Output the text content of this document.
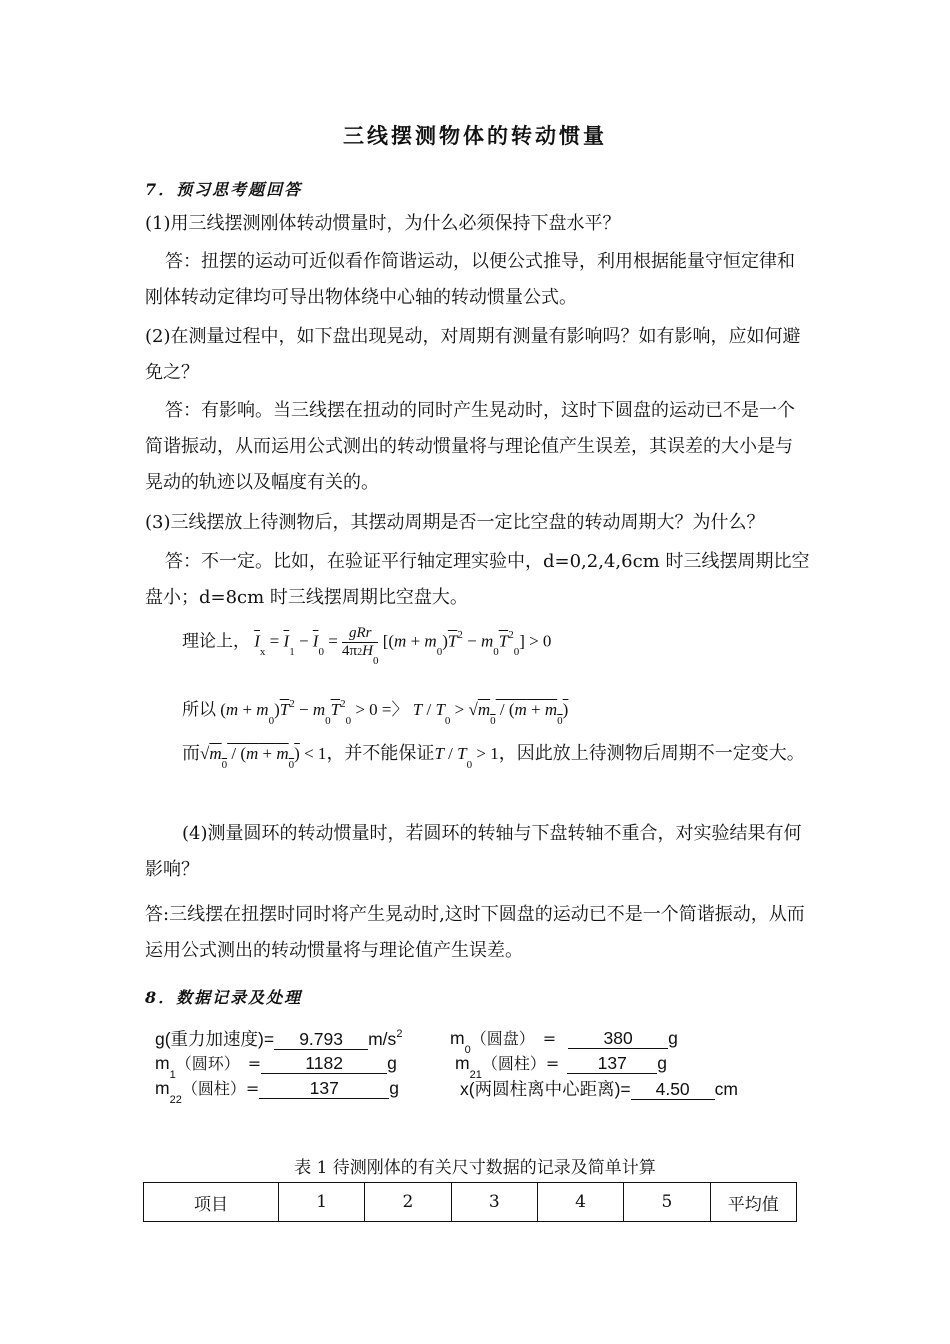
三线摆测物体的转动惯量
7．预习思考题回答
(1)用三线摆测刚体转动惯量时，为什么必须保持下盘水平？
答：扭摆的运动可近似看作简谐运动，以便公式推导，利用根据能量守恒定律和刚体转动定律均可导出物体绕中心轴的转动惯量公式。
(2)在测量过程中，如下盘出现晃动，对周期有测量有影响吗？如有影响，应如何避免之？
答：有影响。当三线摆在扭动的同时产生晃动时，这时下圆盘的运动已不是一个简谐振动，从而运用公式测出的转动惯量将与理论值产生误差，其误差的大小是与晃动的轨迹以及幅度有关的。
(3)三线摆放上待测物后，其摆动周期是否一定比空盘的转动周期大？为什么？
答：不一定。比如，在验证平行轴定理实验中，d=0,2,4,6cm 时三线摆周期比空盘小；d=8cm 时三线摆周期比空盘大。
理论上， $\overline{I}_x = \overline{I}_1 - \overline{I}_0 = \frac{\text{gRr}}{4\pi 2H_0} [(m + m_0)\overline{T}^2 - m_0\overline{T}^2_0] > 0$
所以 $(m + m_0)\overline{T}^2 - m_0\overline{T}^2_0 > 0$ =〉 $T / T_0 > √m_0 / (m + m_0)$
而$√m_0 / (m + m_0) < 1$，并不能保证$T / T_0 > 1$，因此放上待测物后周期不一定变大。
(4)测量圆环的转动惯量时，若圆环的转轴与下盘转轴不重合，对实验结果有何影响？
答:三线摆在扭摆时同时将产生晃动时,这时下圆盘的运动已不是一个简谐振动，从而运用公式测出的转动惯量将与理论值产生误差。
8．数据记录及处理
g(重力加速度)= 9.793 $m/s^2$	$m_0$（圆盘）　=	380 g
$m_1$（圆环）　=	1182	g	$m_{21}$（圆柱）= 137 g
$m_{22}$（圆柱）=	137	g	x(两圆柱离中心距离)= 4.50 cm
表 1 待测刚体的有关尺寸数据的记录及简单计算
项目	1	2	3	4	5	平均值
